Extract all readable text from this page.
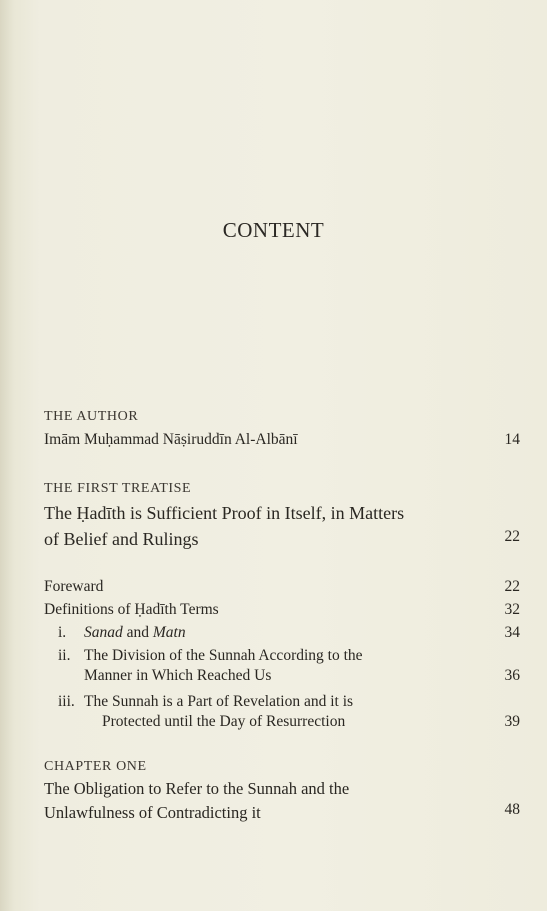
CONTENT
THE AUTHOR
Imām Muḥammad Nāṣiruddīn Al-Albānī	14
THE FIRST TREATISE
The Ḥadīth is Sufficient Proof in Itself, in Matters
of Belief and Rulings	22
Foreward	22
Definitions of Ḥadīth Terms	32
i. Sanad and Matn	34
ii. The Division of the Sunnah According to the
Manner in Which Reached Us	36
iii. The Sunnah is a Part of Revelation and it is
Protected until the Day of Resurrection	39
CHAPTER ONE
The Obligation to Refer to the Sunnah and the
Unlawfulness of Contradicting it	48
